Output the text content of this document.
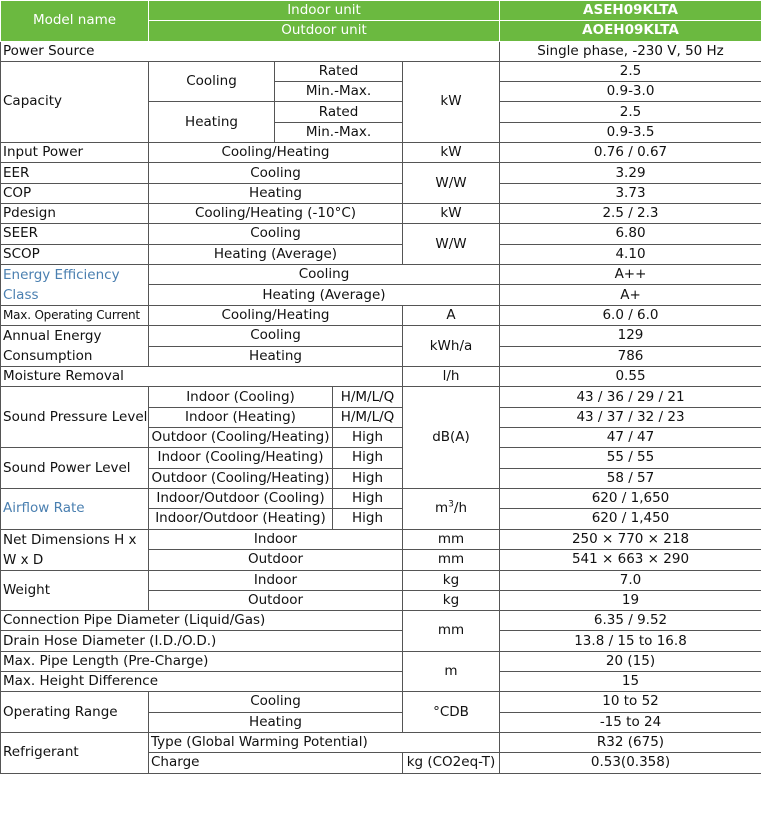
Model name	Indoor unit				ASEH09KLTA
	Outdoor unit				AOEH09KLTA
Power Source					Single phase, -230 V, 50 Hz
Capacity	Cooling	Rated		kW	2.5
		Min.-Max.			0.9-3.0
	Heating	Rated			2.5
		Min.-Max.			0.9-3.5
Input Power	Cooling/Heating			kW	0.76 / 0.67
EER	Cooling			W/W	3.29
COP	Heating				3.73
Pdesign	Cooling/Heating (-10°C)			kW	2.5 / 2.3
SEER	Cooling			W/W	6.80
SCOP	Heating (Average)				4.10
Energy Efficiency Class	Cooling				A++
	Heating (Average)				A+
Max. Operating Current	Cooling/Heating			A	6.0 / 6.0
Annual Energy Consumption	Cooling			kWh/a	129
	Heating				786
Moisture Removal				l/h	0.55
Sound Pressure Level	Indoor (Cooling)		H/M/L/Q	dB(A)	43 / 36 / 29 / 21
	Indoor (Heating)		H/M/L/Q		43 / 37 / 32 / 23
	Outdoor (Cooling/Heating)		High		47 / 47
Sound Power Level	Indoor (Cooling/Heating)		High		55 / 55
	Outdoor (Cooling/Heating)		High		58 / 57
Airflow Rate	Indoor/Outdoor (Cooling)		High	$m^3/h$	620 / 1,650
	Indoor/Outdoor (Heating)		High		620 / 1,450
Net Dimensions H x W x D	Indoor			mm	250 × 770 × 218
	Outdoor			mm	541 × 663 × 290
Weight	Indoor			kg	7.0
	Outdoor			kg	19
Connection Pipe Diameter (Liquid/Gas)				mm	6.35 / 9.52
Drain Hose Diameter (I.D./O.D.)					13.8 / 15 to 16.8
Max. Pipe Length (Pre-Charge)				m	20 (15)
Max. Height Difference					15
Operating Range	Cooling			°CDB	10 to 52
	Heating				-15 to 24
Refrigerant	Type (Global Warming Potential)				R32 (675)
	Charge			kg (CO2eq-T)	0.53(0.358)
